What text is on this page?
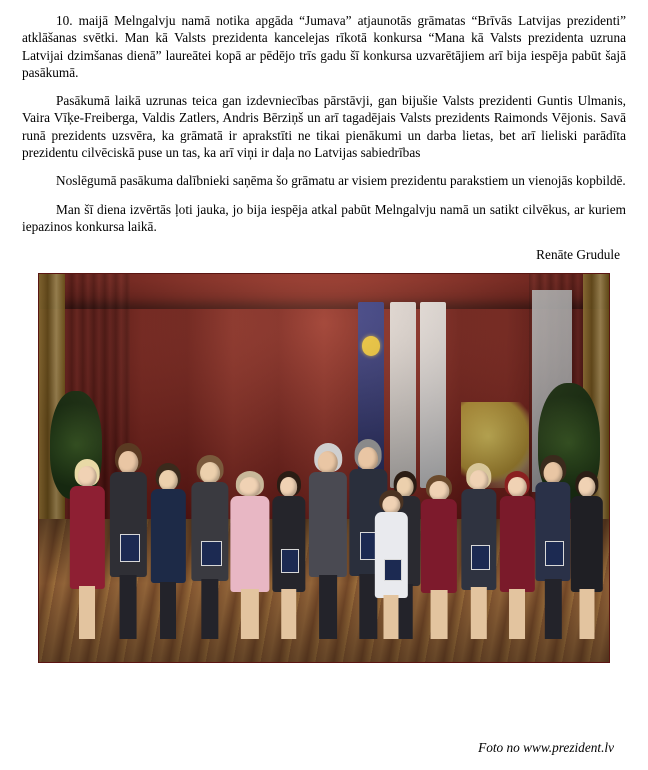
10. maijā Melngalvju namā notika apgāda “Jumava” atjaunotās grāmatas “Brīvās Latvijas prezidenti” atklāšanas svētki. Man kā Valsts prezidenta kancelejas rīkotā konkursa “Mana kā Valsts prezidenta uzruna Latvijai dzimšanas dienā” laureātei kopā ar pēdējo trīs gadu šī konkursa uzvarētājiem arī bija iespēja pabūt šajā pasākumā.

Pasākumā laikā uzrunas teica gan izdevniecības pārstāvji, gan bijušie Valsts prezidenti Guntis Ulmanis, Vaira Vīķe-Freiberga, Valdis Zatlers, Andris Bērziņš un arī tagadējais Valsts prezidents Raimonds Vējonis. Savā runā prezidents uzsvēra, ka grāmatā ir aprakstīti ne tikai pienākumi un darba lietas, bet arī lieliski parādīta prezidentu cilvēciskā puse un tas, ka arī viņi ir daļa no Latvijas sabiedrības

Noslēgumā pasākuma dalībnieki saņēma šo grāmatu ar visiem prezidentu parakstiem un vienojās kopbildē.

Man šī diena izvērtās ļoti jauka, jo bija iespēja atkal pabūt Melngalvju namā un satikt cilvēkus, ar kuriem iepazinos konkursa laikā.

Renāte Grudule
Foto no www.prezident.lv
